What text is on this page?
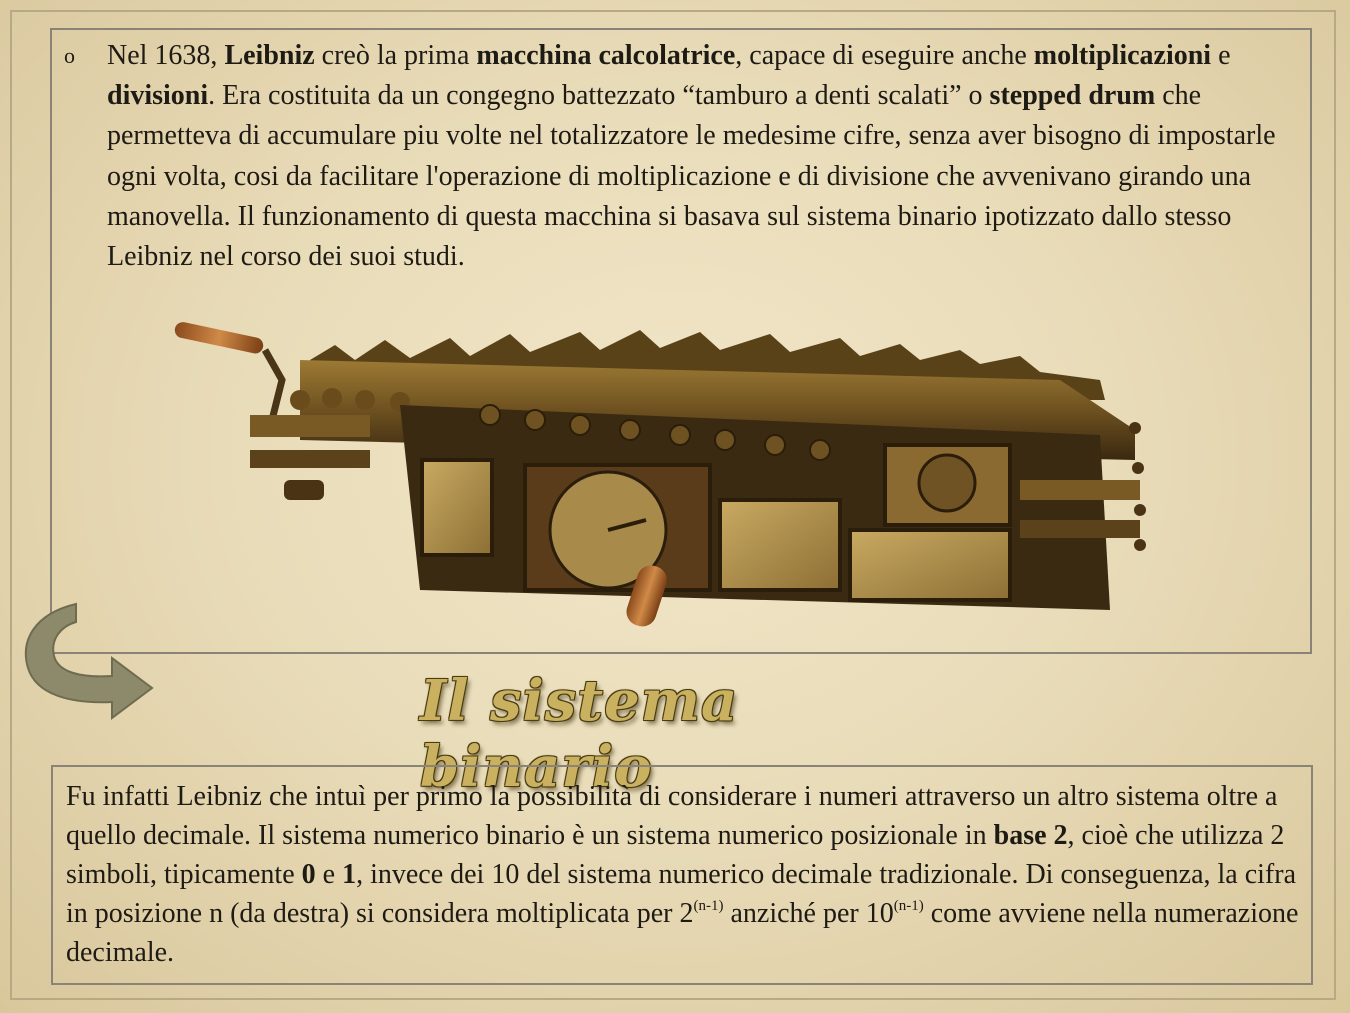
o Nel 1638, Leibniz creò la prima macchina calcolatrice, capace di eseguire anche moltiplicazioni e divisioni. Era costituita da un congegno battezzato “tamburo a denti scalati” o stepped drum che permetteva di accumulare piu volte nel totalizzatore le medesime cifre, senza aver bisogno di impostarle ogni volta, cosi da facilitare l'operazione di moltiplicazione e di divisione che avvenivano girando una manovella. Il funzionamento di questa macchina si basava sul sistema binario ipotizzato dallo stesso Leibniz nel corso dei suoi studi.
Il sistema binario
Fu infatti Leibniz che intuì per primo la possibilità di considerare i numeri attraverso un altro sistema oltre a quello decimale. Il sistema numerico binario è un sistema numerico posizionale in base 2, cioè che utilizza 2 simboli, tipicamente 0 e 1, invece dei 10 del sistema numerico decimale tradizionale. Di conseguenza, la cifra in posizione n (da destra) si considera moltiplicata per 2$^{(n-1)}$ anziché per 10$^{(n-1)}$ come avviene nella numerazione decimale.
